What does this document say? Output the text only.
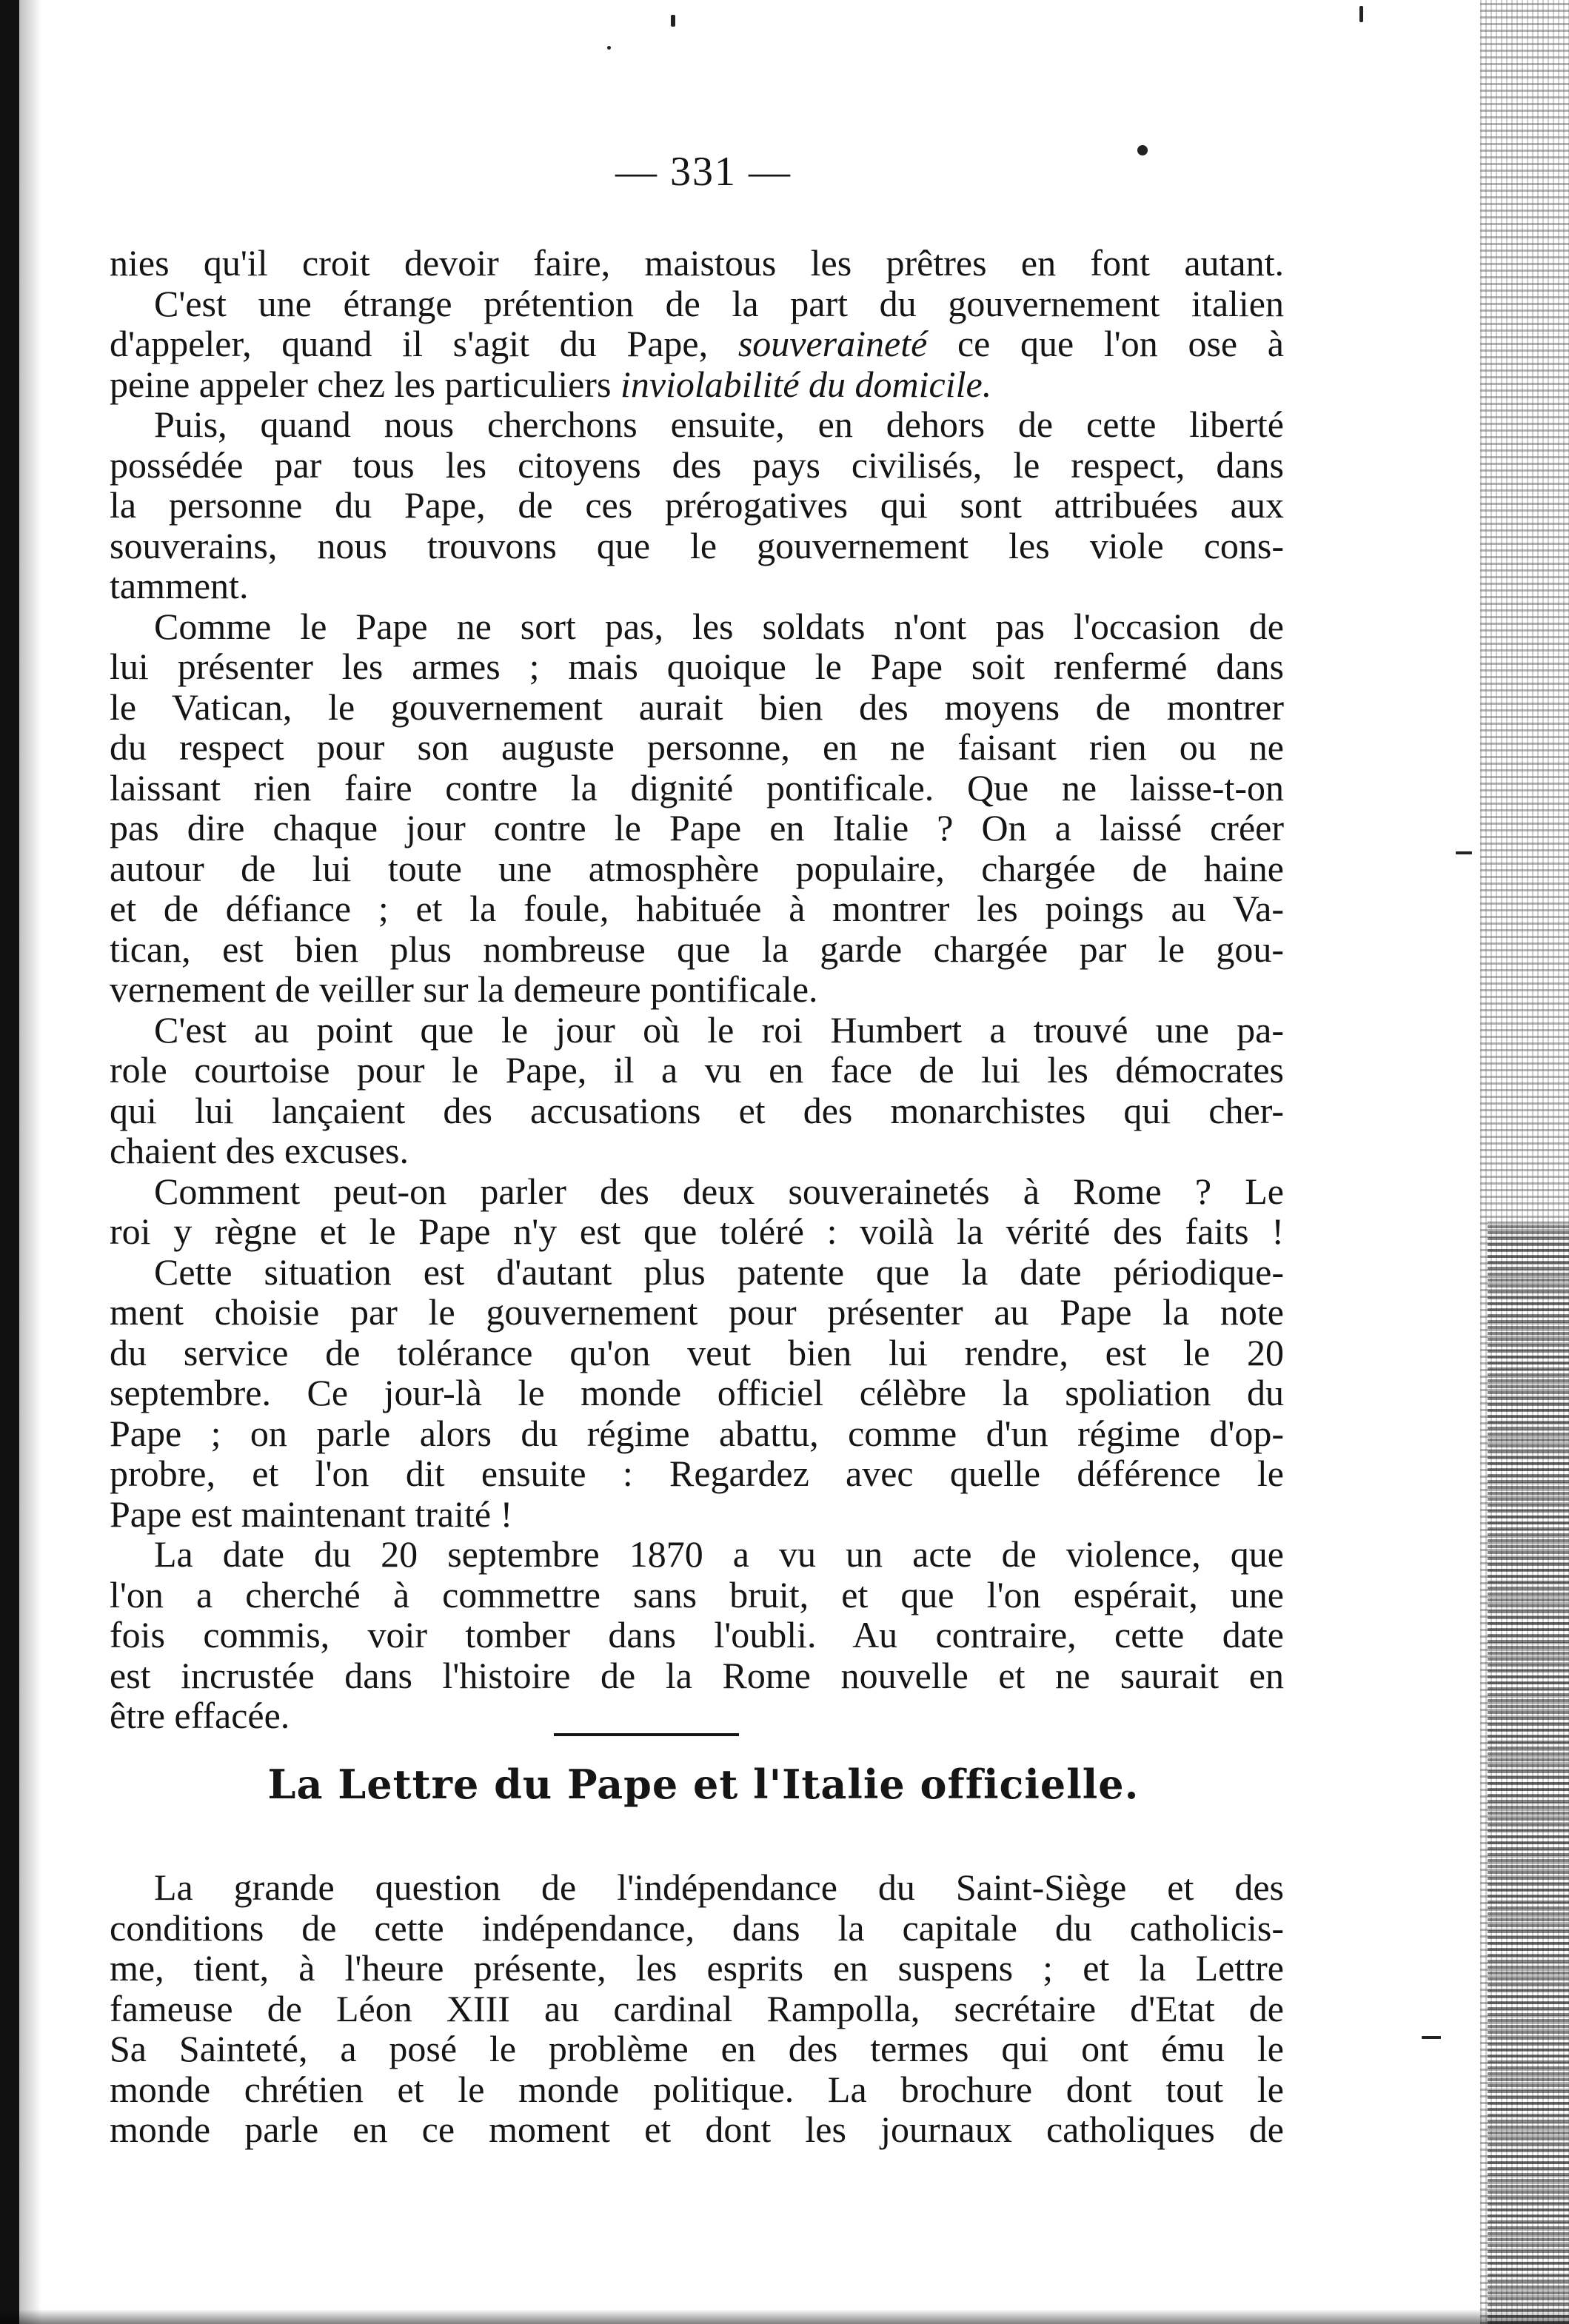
— 331 —
nies qu'il croit devoir faire, maistous les prêtres en font autant.
C'est une étrange prétention de la part du gouvernement italien
d'appeler, quand il s'agit du Pape, souveraineté ce que l'on ose à
peine appeler chez les particuliers inviolabilité du domicile.
Puis, quand nous cherchons ensuite, en dehors de cette liberté
possédée par tous les citoyens des pays civilisés, le respect, dans
la personne du Pape, de ces prérogatives qui sont attribuées aux
souverains, nous trouvons que le gouvernement les viole cons-
tamment.
Comme le Pape ne sort pas, les soldats n'ont pas l'occasion de
lui présenter les armes ; mais quoique le Pape soit renfermé dans
le Vatican, le gouvernement aurait bien des moyens de montrer
du respect pour son auguste personne, en ne faisant rien ou ne
laissant rien faire contre la dignité pontificale. Que ne laisse-t-on
pas dire chaque jour contre le Pape en Italie ? On a laissé créer
autour de lui toute une atmosphère populaire, chargée de haine
et de défiance ; et la foule, habituée à montrer les poings au Va-
tican, est bien plus nombreuse que la garde chargée par le gou-
vernement de veiller sur la demeure pontificale.
C'est au point que le jour où le roi Humbert a trouvé une pa-
role courtoise pour le Pape, il a vu en face de lui les démocrates
qui lui lançaient des accusations et des monarchistes qui cher-
chaient des excuses.
Comment peut-on parler des deux souverainetés à Rome ? Le
roi y règne et le Pape n'y est que toléré : voilà la vérité des faits !
Cette situation est d'autant plus patente que la date périodique-
ment choisie par le gouvernement pour présenter au Pape la note
du service de tolérance qu'on veut bien lui rendre, est le 20
septembre. Ce jour-là le monde officiel célèbre la spoliation du
Pape ; on parle alors du régime abattu, comme d'un régime d'op-
probre, et l'on dit ensuite : Regardez avec quelle déférence le
Pape est maintenant traité !
La date du 20 septembre 1870 a vu un acte de violence, que
l'on a cherché à commettre sans bruit, et que l'on espérait, une
fois commis, voir tomber dans l'oubli. Au contraire, cette date
est incrustée dans l'histoire de la Rome nouvelle et ne saurait en
être effacée.
La Lettre du Pape et l'Italie officielle.
La grande question de l'indépendance du Saint-Siège et des
conditions de cette indépendance, dans la capitale du catholicis-
me, tient, à l'heure présente, les esprits en suspens ; et la Lettre
fameuse de Léon XIII au cardinal Rampolla, secrétaire d'Etat de
Sa Sainteté, a posé le problème en des termes qui ont ému le
monde chrétien et le monde politique. La brochure dont tout le
monde parle en ce moment et dont les journaux catholiques de
